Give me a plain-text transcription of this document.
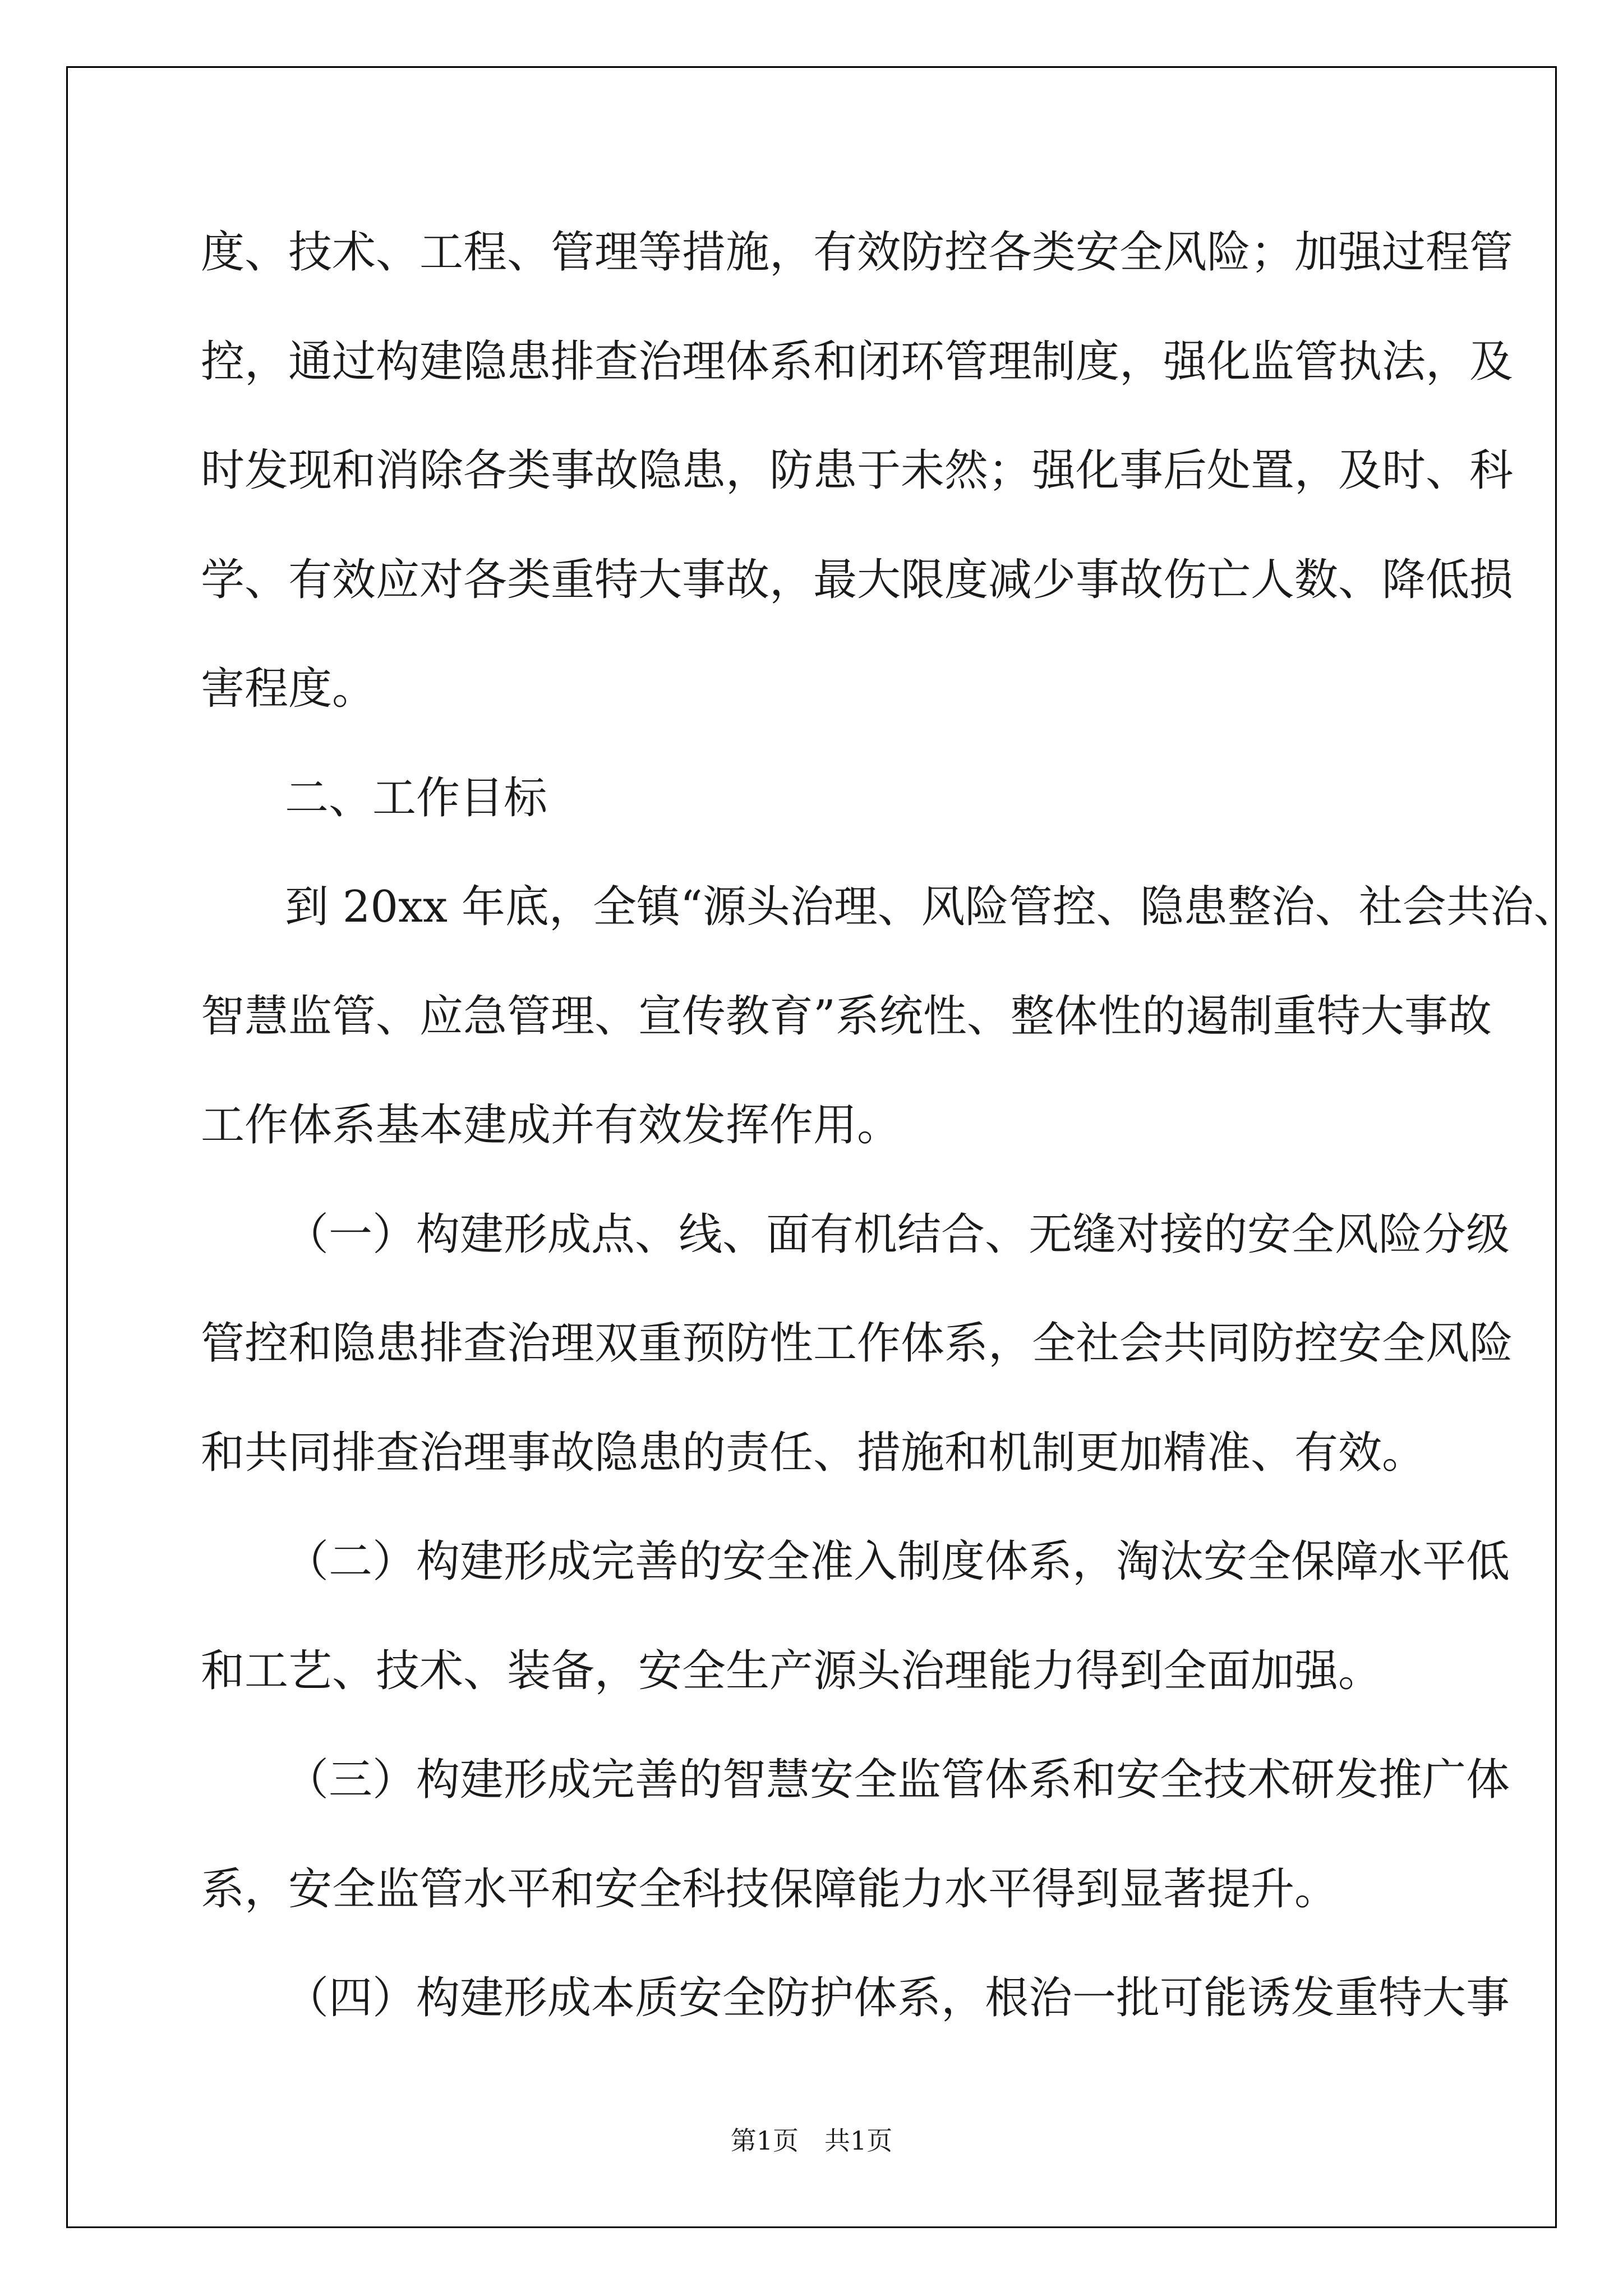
度、技术、工程、管理等措施，有效防控各类安全风险；加强过程管
控，通过构建隐患排查治理体系和闭环管理制度，强化监管执法，及
时发现和消除各类事故隐患，防患于未然；强化事后处置，及时、科
学、有效应对各类重特大事故，最大限度减少事故伤亡人数、降低损
害程度。
二、工作目标
到 20xx 年底，全镇“源头治理、风险管控、隐患整治、社会共治、
智慧监管、应急管理、宣传教育”系统性、整体性的遏制重特大事故
工作体系基本建成并有效发挥作用。
（一）构建形成点、线、面有机结合、无缝对接的安全风险分级
管控和隐患排查治理双重预防性工作体系，全社会共同防控安全风险
和共同排查治理事故隐患的责任、措施和机制更加精准、有效。
（二）构建形成完善的安全准入制度体系，淘汰安全保障水平低
和工艺、技术、装备，安全生产源头治理能力得到全面加强。
（三）构建形成完善的智慧安全监管体系和安全技术研发推广体
系，安全监管水平和安全科技保障能力水平得到显著提升。
（四）构建形成本质安全防护体系，根治一批可能诱发重特大事
第1页　共1页
